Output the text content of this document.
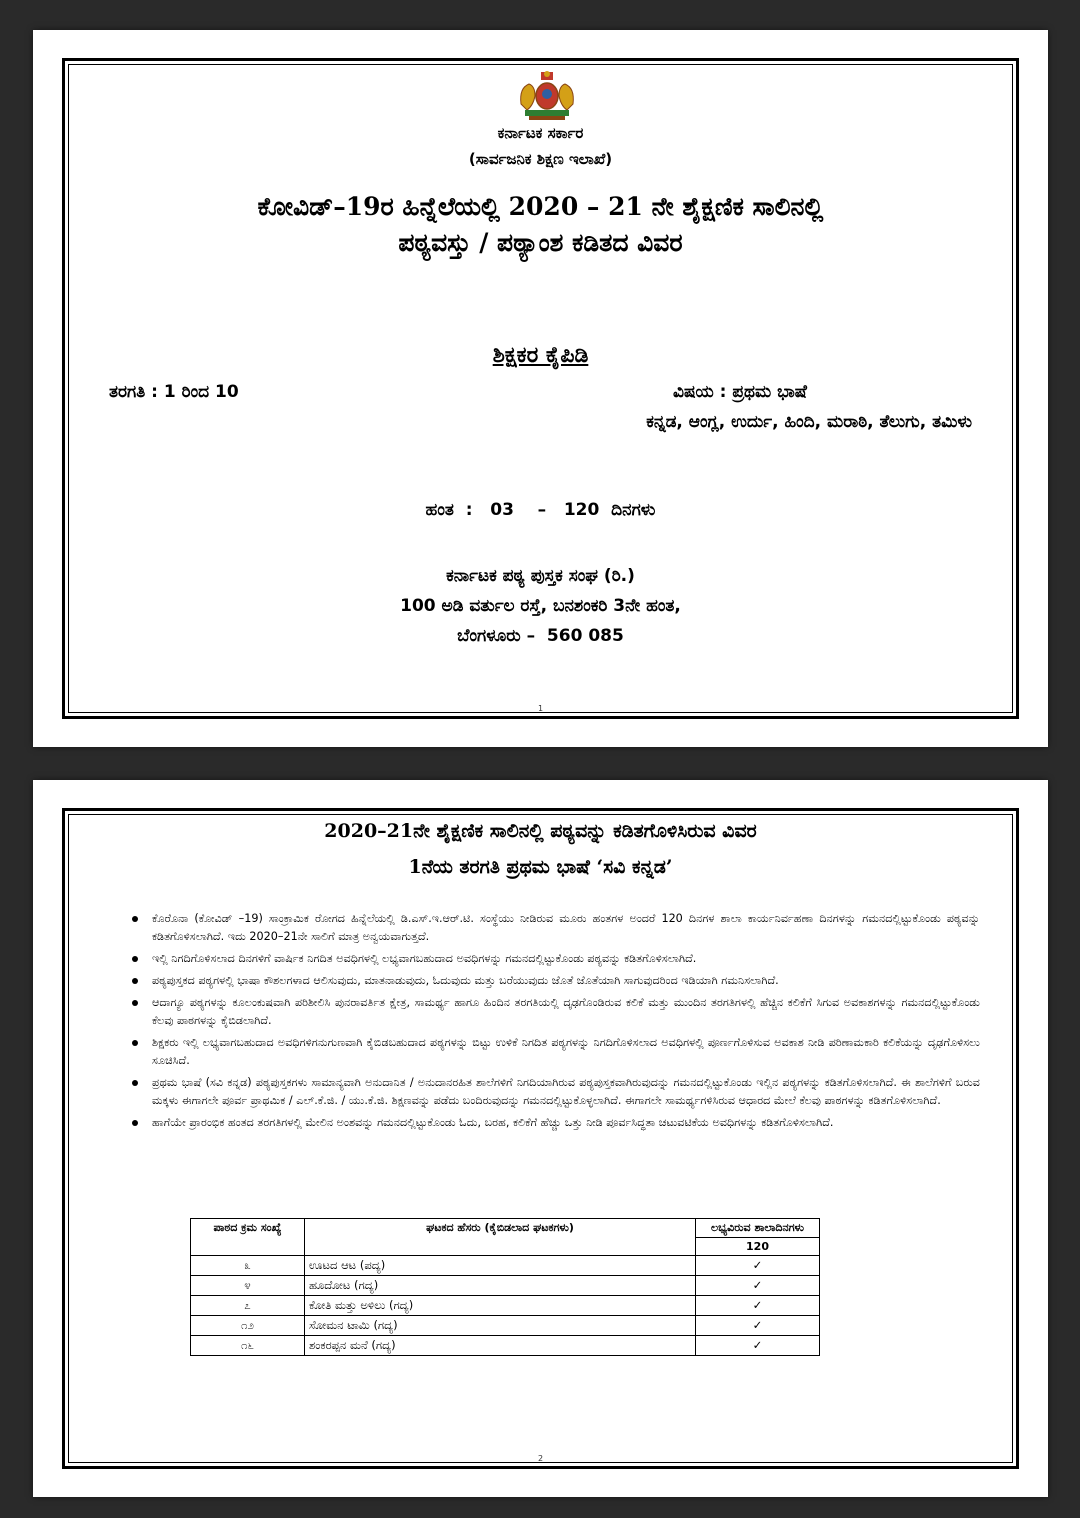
ಕರ್ನಾಟಕ ಸರ್ಕಾರ
(ಸಾರ್ವಜನಿಕ ಶಿಕ್ಷಣ ಇಲಾಖೆ)
ಕೋವಿಡ್–19ರ ಹಿನ್ನೆಲೆಯಲ್ಲಿ 2020 – 21 ನೇ ಶೈಕ್ಷಣಿಕ ಸಾಲಿನಲ್ಲಿ
ಪಠ್ಯವಸ್ತು / ಪಠ್ಯಾಂಶ ಕಡಿತದ ವಿವರ
ಶಿಕ್ಷಕರ ಕೈಪಿಡಿ
ತರಗತಿ : 1 ರಿಂದ 10	ವಿಷಯ : ಪ್ರಥಮ ಭಾಷೆ
ಕನ್ನಡ, ಆಂಗ್ಲ, ಉರ್ದು, ಹಿಂದಿ, ಮರಾಠಿ, ತೆಲುಗು, ತಮಿಳು
ಹಂತ  :   03    –   120  ದಿನಗಳು
ಕರ್ನಾಟಕ ಪಠ್ಯ ಪುಸ್ತಕ ಸಂಘ (ರಿ.)
100 ಅಡಿ ವರ್ತುಲ ರಸ್ತೆ, ಬನಶಂಕರಿ 3ನೇ ಹಂತ,
ಬೆಂಗಳೂರು –  560 085
1
2020–21ನೇ ಶೈಕ್ಷಣಿಕ ಸಾಲಿನಲ್ಲಿ ಪಠ್ಯವನ್ನು ಕಡಿತಗೊಳಿಸಿರುವ ವಿವರ
1ನೆಯ ತರಗತಿ ಪ್ರಥಮ ಭಾಷೆ ‘ಸವಿ ಕನ್ನಡ’
ಕೊರೊನಾ (ಕೋವಿಡ್ –19) ಸಾಂಕ್ರಾಮಿಕ ರೋಗದ ಹಿನ್ನೆಲೆಯಲ್ಲಿ ಡಿ.ಎಸ್.ಇ.ಆರ್.ಟಿ. ಸಂಸ್ಥೆಯು ನೀಡಿರುವ ಮೂರು ಹಂತಗಳ ಅಂದರೆ 120 ದಿನಗಳ ಶಾಲಾ ಕಾರ್ಯನಿರ್ವಹಣಾ ದಿನಗಳನ್ನು ಗಮನದಲ್ಲಿಟ್ಟುಕೊಂಡು ಪಠ್ಯವನ್ನು ಕಡಿತಗೊಳಿಸಲಾಗಿದೆ. ಇದು 2020–21ನೇ ಸಾಲಿಗೆ ಮಾತ್ರ ಅನ್ವಯವಾಗುತ್ತದೆ.
ಇಲ್ಲಿ ನಿಗದಿಗೊಳಿಸಲಾದ ದಿನಗಳಿಗೆ ವಾರ್ಷಿಕ ನಿಗದಿತ ಅವಧಿಗಳಲ್ಲಿ ಲಭ್ಯವಾಗಬಹುದಾದ ಅವಧಿಗಳನ್ನು ಗಮನದಲ್ಲಿಟ್ಟುಕೊಂಡು ಪಠ್ಯವನ್ನು ಕಡಿತಗೊಳಿಸಲಾಗಿದೆ.
ಪಠ್ಯಪುಸ್ತಕದ ಪಠ್ಯಗಳಲ್ಲಿ ಭಾಷಾ ಕೌಶಲಗಳಾದ ಆಲಿಸುವುದು, ಮಾತನಾಡುವುದು, ಓದುವುದು ಮತ್ತು ಬರೆಯುವುದು ಜೊತೆ ಜೊತೆಯಾಗಿ ಸಾಗುವುದರಿಂದ ಇಡಿಯಾಗಿ ಗಮನಿಸಲಾಗಿದೆ.
ಆದಾಗ್ಯೂ ಪಠ್ಯಗಳನ್ನು ಕೂಲಂಕುಷವಾಗಿ ಪರಿಶೀಲಿಸಿ ಪುನರಾವರ್ತಿತ ಕ್ಷೇತ್ರ, ಸಾಮರ್ಥ್ಯ ಹಾಗೂ ಹಿಂದಿನ ತರಗತಿಯಲ್ಲಿ ದೃಢಗೊಂಡಿರುವ ಕಲಿಕೆ ಮತ್ತು ಮುಂದಿನ ತರಗತಿಗಳಲ್ಲಿ ಹೆಚ್ಚಿನ ಕಲಿಕೆಗೆ ಸಿಗುವ ಅವಕಾಶಗಳನ್ನು ಗಮನದಲ್ಲಿಟ್ಟುಕೊಂಡು ಕೆಲವು ಪಾಠಗಳನ್ನು ಕೈಬಿಡಲಾಗಿದೆ.
ಶಿಕ್ಷಕರು ಇಲ್ಲಿ ಲಭ್ಯವಾಗಬಹುದಾದ ಅವಧಿಗಳಿಗನುಗುಣವಾಗಿ ಕೈಬಿಡಬಹುದಾದ ಪಠ್ಯಗಳನ್ನು ಬಿಟ್ಟು ಉಳಿಕೆ ನಿಗದಿತ ಪಠ್ಯಗಳನ್ನು ನಿಗದಿಗೊಳಿಸಲಾದ ಅವಧಿಗಳಲ್ಲಿ ಪೂರ್ಣಗೊಳಿಸುವ ಅವಕಾಶ ನೀಡಿ ಪರಿಣಾಮಕಾರಿ ಕಲಿಕೆಯನ್ನು ದೃಢಗೊಳಿಸಲು ಸೂಚಿಸಿದೆ.
ಪ್ರಥಮ ಭಾಷೆ (ಸವಿ ಕನ್ನಡ) ಪಠ್ಯಪುಸ್ತಕಗಳು ಸಾಮಾನ್ಯವಾಗಿ ಅನುದಾನಿತ / ಅನುದಾನರಹಿತ ಶಾಲೆಗಳಿಗೆ ನಿಗದಿಯಾಗಿರುವ ಪಠ್ಯಪುಸ್ತಕವಾಗಿರುವುದನ್ನು ಗಮನದಲ್ಲಿಟ್ಟುಕೊಂಡು ಇಲ್ಲಿನ ಪಠ್ಯಗಳನ್ನು ಕಡಿತಗೊಳಿಸಲಾಗಿದೆ. ಈ ಶಾಲೆಗಳಿಗೆ ಬರುವ ಮಕ್ಕಳು ಈಗಾಗಲೇ ಪೂರ್ವ ಪ್ರಾಥಮಿಕ / ಎಲ್.ಕೆ.ಜಿ. / ಯು.ಕೆ.ಜಿ. ಶಿಕ್ಷಣವನ್ನು ಪಡೆದು ಬಂದಿರುವುದನ್ನು ಗಮನದಲ್ಲಿಟ್ಟುಕೊಳ್ಳಲಾಗಿದೆ. ಈಗಾಗಲೇ ಸಾಮರ್ಥ್ಯಗಳಿಸಿರುವ ಆಧಾರದ ಮೇಲೆ ಕೆಲವು ಪಾಠಗಳನ್ನು ಕಡಿತಗೊಳಿಸಲಾಗಿದೆ.
ಹಾಗೆಯೇ ಪ್ರಾರಂಭಿಕ ಹಂತದ ತರಗತಿಗಳಲ್ಲಿ ಮೇಲಿನ ಅಂಶವನ್ನು ಗಮನದಲ್ಲಿಟ್ಟುಕೊಂಡು ಓದು, ಬರಹ, ಕಲಿಕೆಗೆ ಹೆಚ್ಚು ಒತ್ತು ನೀಡಿ ಪೂರ್ವಸಿದ್ಧತಾ ಚಟುವಟಿಕೆಯ ಅವಧಿಗಳನ್ನು ಕಡಿತಗೊಳಿಸಲಾಗಿದೆ.
ಪಾಠದ ಕ್ರಮ ಸಂಖ್ಯೆ	ಘಟಕದ ಹೆಸರು (ಕೈಬಿಡಲಾದ ಘಟಕಗಳು)	ಲಭ್ಯವಿರುವ ಶಾಲಾದಿನಗಳು
		120
೩	ಊಟದ ಆಟ (ಪದ್ಯ)	✓
೪	ಹೂದೋಟ (ಗದ್ಯ)	✓
೭	ಕೋತಿ ಮತ್ತು ಅಳಿಲು (ಗದ್ಯ)	✓
೧೨	ಸೋಮನ ಟಾಮಿ (ಗದ್ಯ)	✓
೧೬	ಶಂಕರಪ್ಪನ ಮನೆ (ಗದ್ಯ)	✓
2
